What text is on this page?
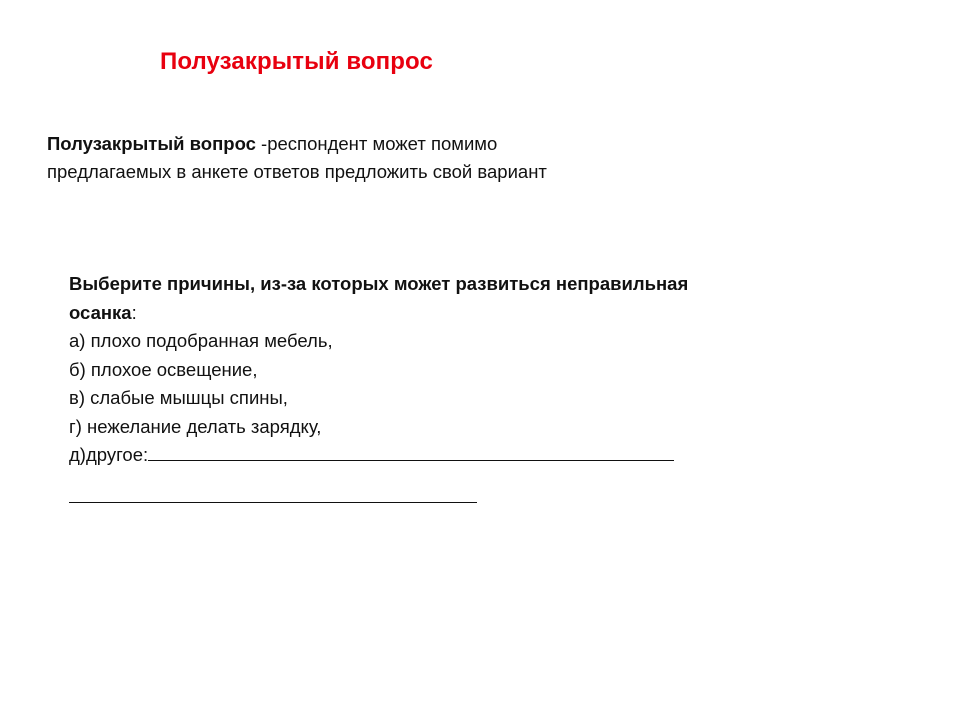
Полузакрытый вопрос
Полузакрытый вопрос -респондент может помимо предлагаемых в анкете ответов предложить свой вариант
Выберите причины, из-за которых может развиться неправильная осанка:
а) плохо подобранная мебель,
б) плохое освещение,
в) слабые мышцы спины,
г) нежелание делать зарядку,
д)другое:
